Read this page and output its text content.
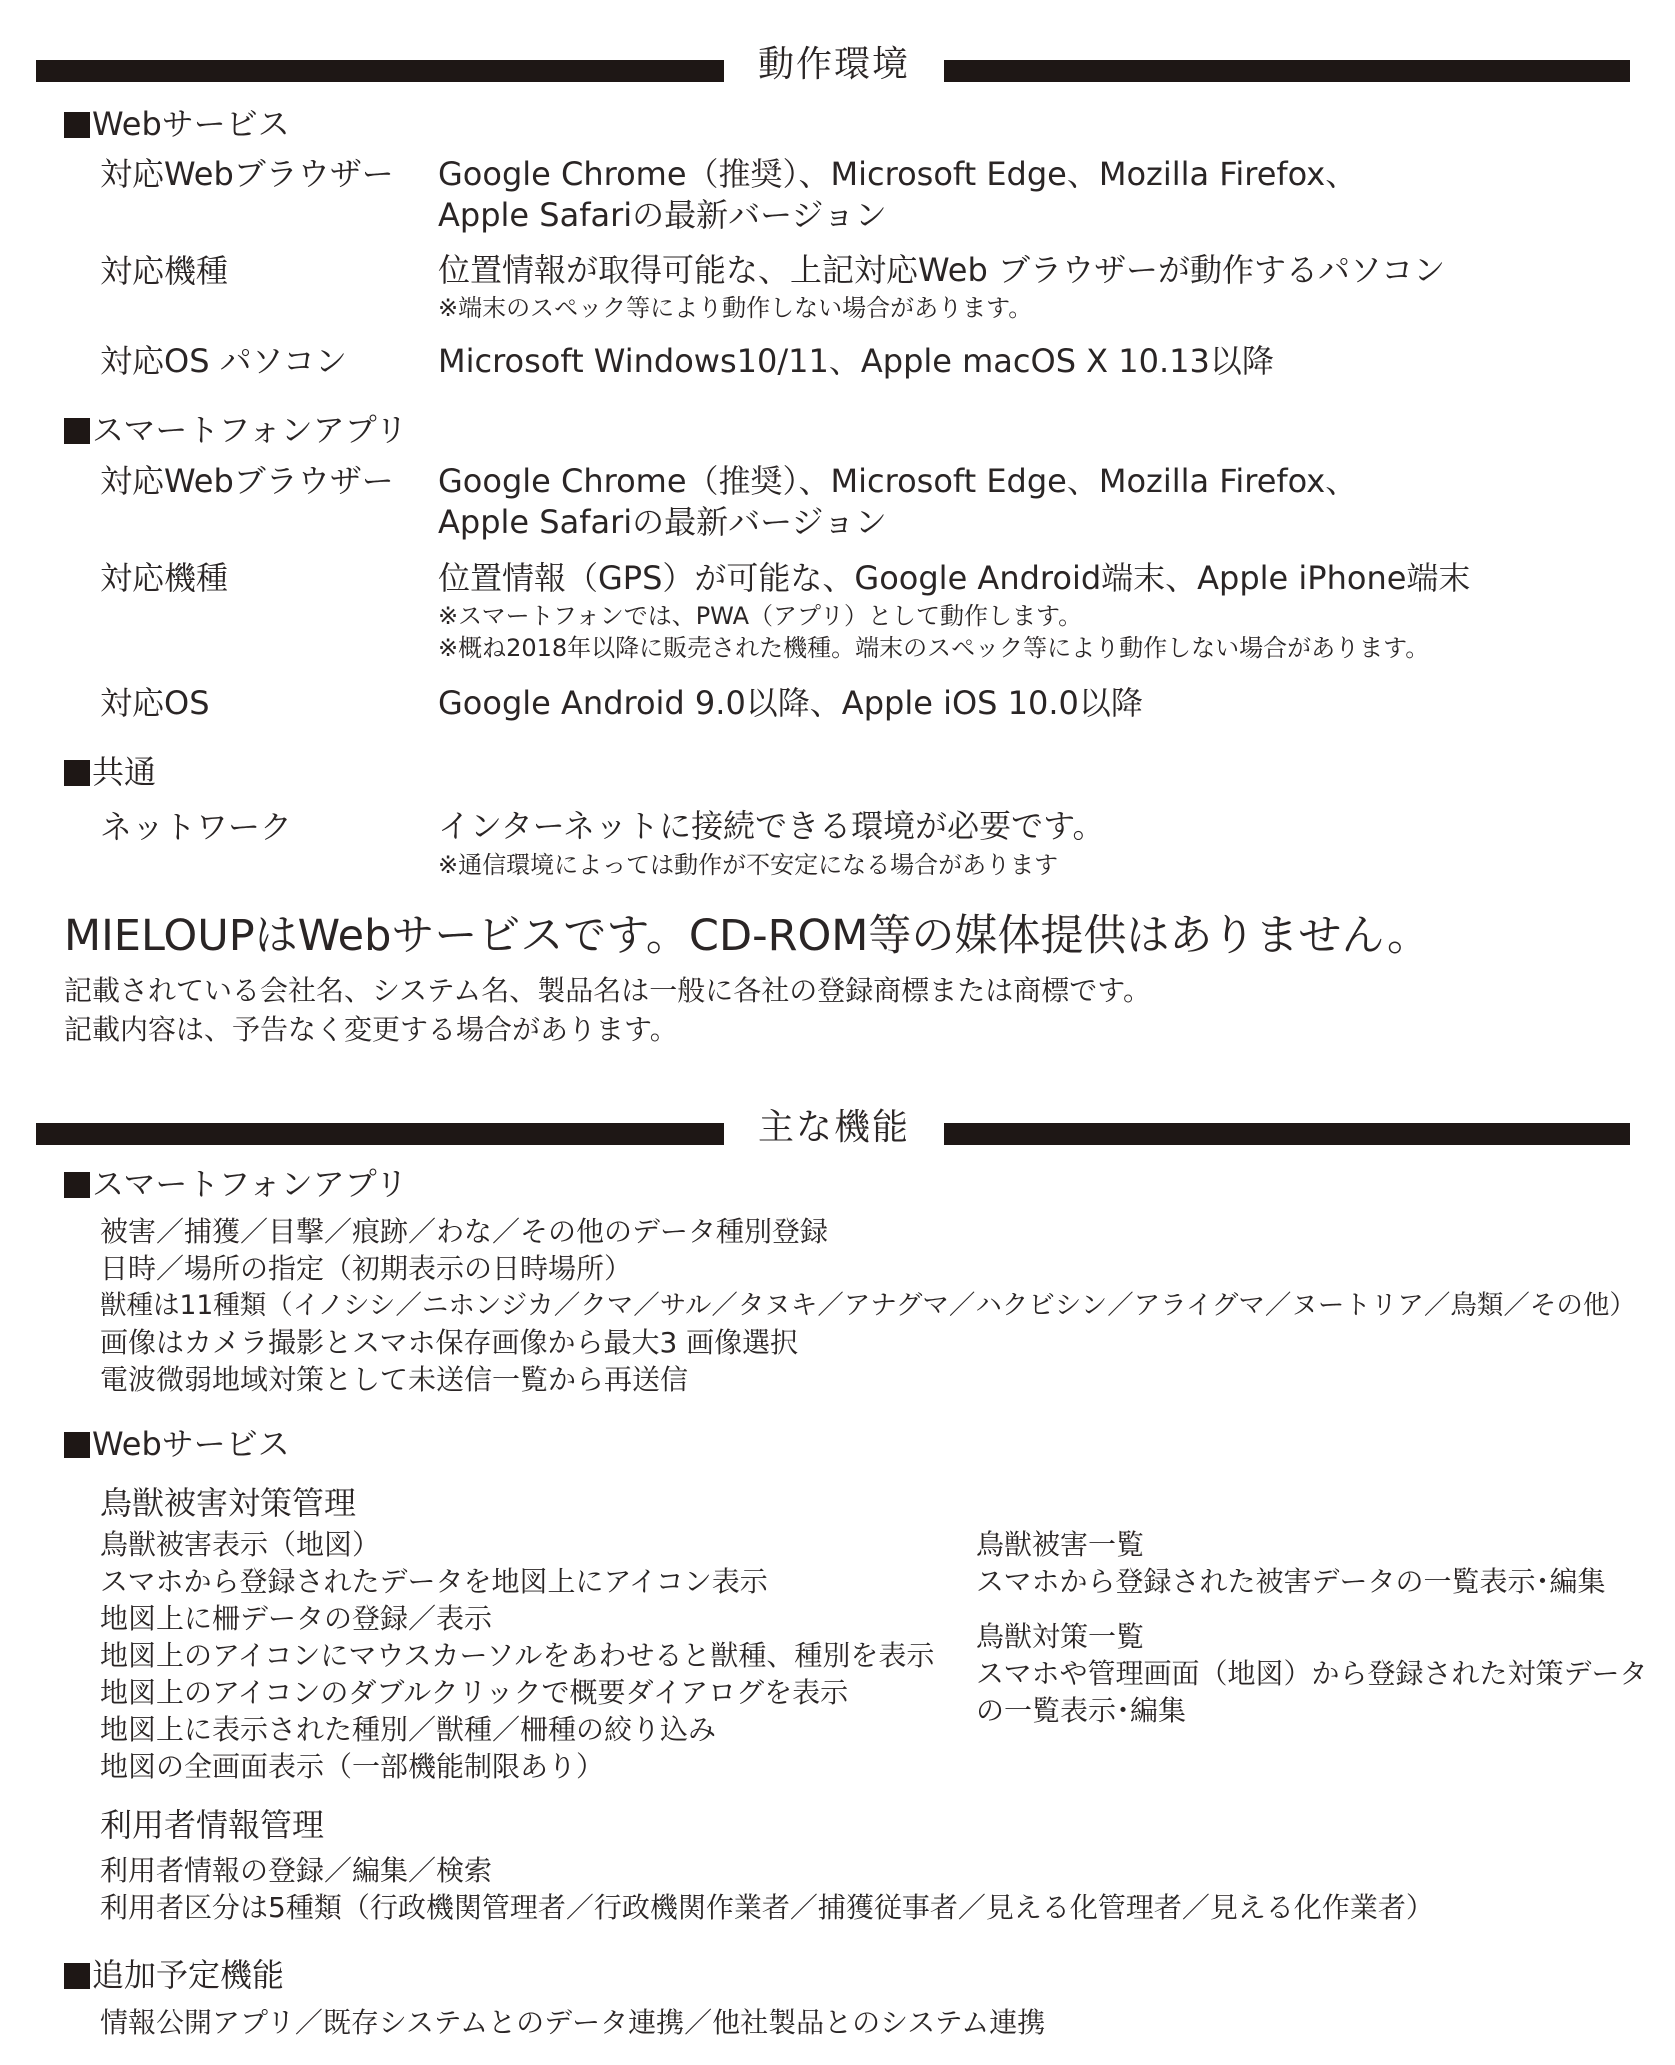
動作環境
Webサービス
対応Webブラウザー Google Chrome（推奨）、Microsoft Edge、Mozilla Firefox、
Apple Safariの最新バージョン
対応機種	位置情報が取得可能な、上記対応Web ブラウザーが動作するパソコン
※端末のスペック等により動作しない場合があります。
対応OS パソコン	Microsoft Windows10/11、Apple macOS X 10.13以降
スマートフォンアプリ
対応Webブラウザー Google Chrome（推奨）、Microsoft Edge、Mozilla Firefox、
Apple Safariの最新バージョン
対応機種	位置情報（GPS）が可能な、Google Android端末、Apple iPhone端末
※スマートフォンでは、PWA（アプリ）として動作します。
※概ね2018年以降に販売された機種。端末のスペック等により動作しない場合があります。
対応OS	Google Android 9.0以降、Apple iOS 10.0以降
共通
ネットワーク	インターネットに接続できる環境が必要です。
※通信環境によっては動作が不安定になる場合があります
MIELOUPはWebサービスです。CD-ROM等の媒体提供はありません。
記載されている会社名、システム名、製品名は一般に各社の登録商標または商標です。
記載内容は、予告なく変更する場合があります。
主な機能
スマートフォンアプリ
被害／捕獲／目撃／痕跡／わな／その他のデータ種別登録
日時／場所の指定（初期表示の日時場所）
獣種は11種類（イノシシ／ニホンジカ／クマ／サル／タヌキ／アナグマ／ハクビシン／アライグマ／ヌートリア／鳥類／その他）
画像はカメラ撮影とスマホ保存画像から最大3 画像選択
電波微弱地域対策として未送信一覧から再送信
Webサービス
鳥獣被害対策管理
鳥獣被害表示（地図）
スマホから登録されたデータを地図上にアイコン表示
地図上に柵データの登録／表示
地図上のアイコンにマウスカーソルをあわせると獣種、種別を表示
地図上のアイコンのダブルクリックで概要ダイアログを表示
地図上に表示された種別／獣種／柵種の絞り込み
地図の全画面表示（一部機能制限あり）
鳥獣被害一覧
スマホから登録された被害データの一覧表示･編集
鳥獣対策一覧
スマホや管理画面（地図）から登録された対策データ
の一覧表示･編集
利用者情報管理
利用者情報の登録／編集／検索
利用者区分は5種類（行政機関管理者／行政機関作業者／捕獲従事者／見える化管理者／見える化作業者）
追加予定機能
情報公開アプリ／既存システムとのデータ連携／他社製品とのシステム連携
